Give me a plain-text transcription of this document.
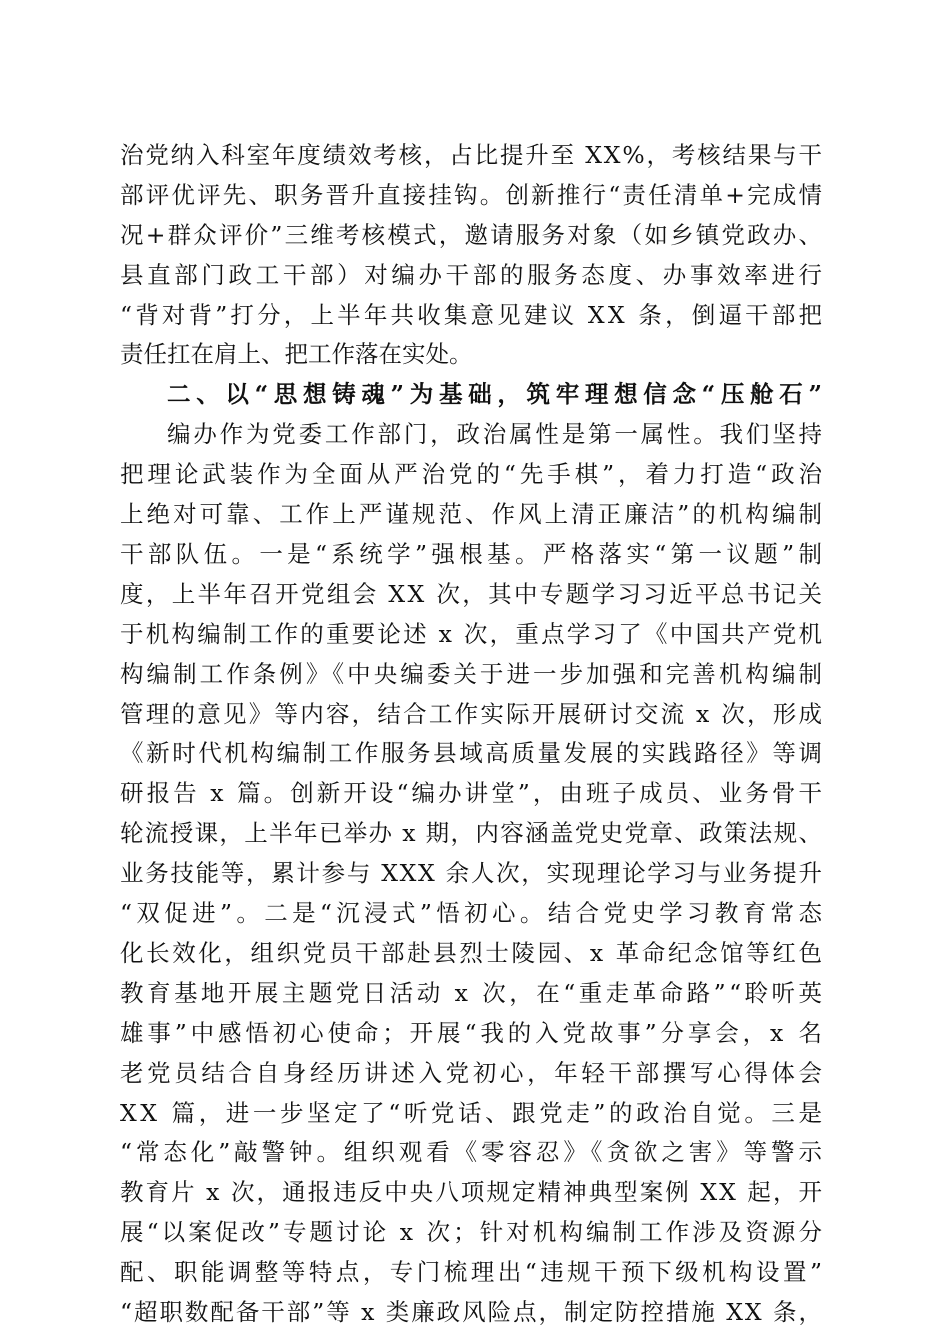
治党纳入科室年度绩效考核，占比提升至 XX%，考核结果与干
部评优评先、职务晋升直接挂钩。创新推行“责任清单+完成情
况+群众评价”三维考核模式，邀请服务对象（如乡镇党政办、
县直部门政工干部）对编办干部的服务态度、办事效率进行
“背对背”打分，上半年共收集意见建议 XX 条，倒逼干部把
责任扛在肩上、把工作落在实处。
二、以“思想铸魂”为基础，筑牢理想信念“压舱石”
编办作为党委工作部门，政治属性是第一属性。我们坚持
把理论武装作为全面从严治党的“先手棋”，着力打造“政治
上绝对可靠、工作上严谨规范、作风上清正廉洁”的机构编制
干部队伍。一是“系统学”强根基。严格落实“第一议题”制
度，上半年召开党组会 XX 次，其中专题学习习近平总书记关
于机构编制工作的重要论述 x 次，重点学习了《中国共产党机
构编制工作条例》《中央编委关于进一步加强和完善机构编制
管理的意见》等内容，结合工作实际开展研讨交流 x 次，形成
《新时代机构编制工作服务县域高质量发展的实践路径》等调
研报告 x 篇。创新开设“编办讲堂”，由班子成员、业务骨干
轮流授课，上半年已举办 x 期，内容涵盖党史党章、政策法规、
业务技能等，累计参与 XXX 余人次，实现理论学习与业务提升
“双促进”。二是“沉浸式”悟初心。结合党史学习教育常态
化长效化，组织党员干部赴县烈士陵园、x 革命纪念馆等红色
教育基地开展主题党日活动 x 次，在“重走革命路”“聆听英
雄事”中感悟初心使命；开展“我的入党故事”分享会，x 名
老党员结合自身经历讲述入党初心，年轻干部撰写心得体会
XX 篇，进一步坚定了“听党话、跟党走”的政治自觉。三是
“常态化”敲警钟。组织观看《零容忍》《贪欲之害》等警示
教育片 x 次，通报违反中央八项规定精神典型案例 XX 起，开
展“以案促改”专题讨论 x 次；针对机构编制工作涉及资源分
配、职能调整等特点，专门梳理出“违规干预下级机构设置”
“超职数配备干部”等 x 类廉政风险点，制定防控措施 XX 条，
